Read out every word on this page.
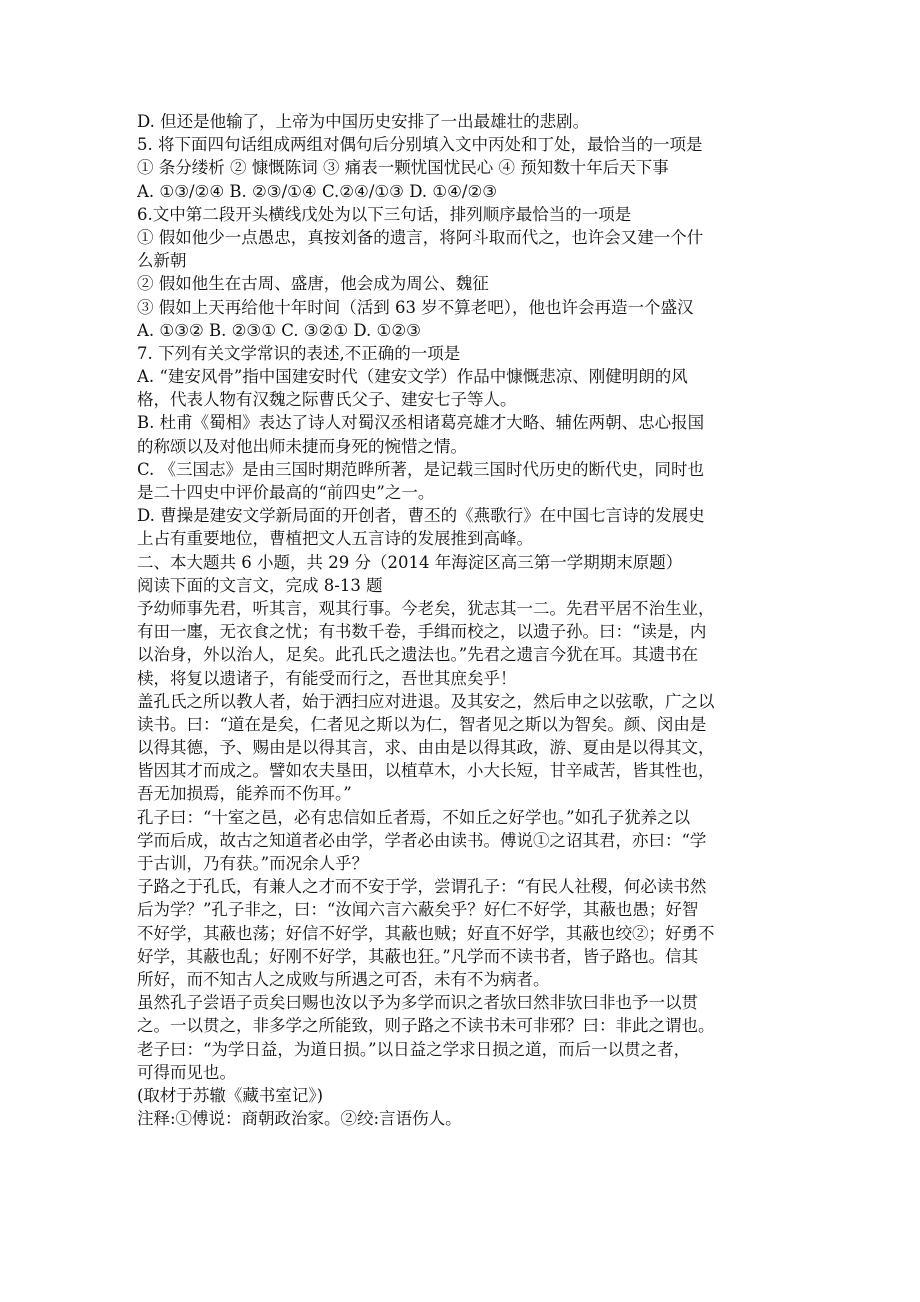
D. 但还是他输了，上帝为中国历史安排了一出最雄壮的悲剧。
5. 将下面四句话组成两组对偶句后分别填入文中丙处和丁处，最恰当的一项是
① 条分缕析 ② 慷慨陈词 ③ 痛表一颗忧国忧民心 ④ 预知数十年后天下事
A. ①③/②④ B. ②③/①④ C.②④/①③ D. ①④/②③
6.文中第二段开头横线戊处为以下三句话，排列顺序最恰当的一项是
① 假如他少一点愚忠，真按刘备的遗言，将阿斗取而代之，也许会又建一个什
么新朝
② 假如他生在古周、盛唐，他会成为周公、魏征
③ 假如上天再给他十年时间（活到 63 岁不算老吧），他也许会再造一个盛汉
A. ①③② B. ②③① C. ③②① D. ①②③
7. 下列有关文学常识的表述,不正确的一项是
A. “建安风骨”指中国建安时代（建安文学）作品中慷慨悲凉、刚健明朗的风
格，代表人物有汉魏之际曹氏父子、建安七子等人。
B. 杜甫《蜀相》表达了诗人对蜀汉丞相诸葛亮雄才大略、辅佐两朝、忠心报国
的称颂以及对他出师未捷而身死的惋惜之情。
C. 《三国志》是由三国时期范晔所著，是记载三国时代历史的断代史，同时也
是二十四史中评价最高的“前四史”之一。
D. 曹操是建安文学新局面的开创者，曹丕的《燕歌行》在中国七言诗的发展史
上占有重要地位，曹植把文人五言诗的发展推到高峰。
二、本大题共 6 小题，共 29 分（2014 年海淀区高三第一学期期末原题）
阅读下面的文言文，完成 8-13 题
予幼师事先君，听其言，观其行事。今老矣，犹志其一二。先君平居不治生业，
有田一廛，无衣食之忧；有书数千卷，手缉而校之，以遗子孙。曰：“读是，内
以治身，外以治人，足矣。此孔氏之遗法也。”先君之遗言今犹在耳。其遗书在
椟，将复以遗诸子，有能受而行之，吾世其庶矣乎！
盖孔氏之所以教人者，始于洒扫应对进退。及其安之，然后申之以弦歌，广之以
读书。曰：“道在是矣，仁者见之斯以为仁，智者见之斯以为智矣。颜、闵由是
以得其德，予、赐由是以得其言，求、由由是以得其政，游、夏由是以得其文，
皆因其才而成之。譬如农夫垦田，以植草木，小大长短，甘辛咸苦，皆其性也，
吾无加损焉，能养而不伤耳。”
孔子曰：“十室之邑，必有忠信如丘者焉，不如丘之好学也。”如孔子犹养之以
学而后成，故古之知道者必由学，学者必由读书。傅说①之诏其君，亦曰：“学
于古训，乃有获。”而况余人乎？
子路之于孔氏，有兼人之才而不安于学，尝谓孔子：“有民人社稷，何必读书然
后为学？”孔子非之，曰：“汝闻六言六蔽矣乎？好仁不好学，其蔽也愚；好智
不好学，其蔽也荡；好信不好学，其蔽也贼；好直不好学，其蔽也绞②；好勇不
好学，其蔽也乱；好刚不好学，其蔽也狂。”凡学而不读书者，皆子路也。信其
所好，而不知古人之成败与所遇之可否，未有不为病者。
虽然孔子尝语子贡矣曰赐也汝以予为多学而识之者欤曰然非欤曰非也予一以贯
之。一以贯之，非多学之所能致，则子路之不读书未可非邪？曰：非此之谓也。
老子曰：“为学日益，为道日损。”以日益之学求日损之道，而后一以贯之者，
可得而见也。
(取材于苏辙《藏书室记》)
注释:①傅说：商朝政治家。②绞:言语伤人。
